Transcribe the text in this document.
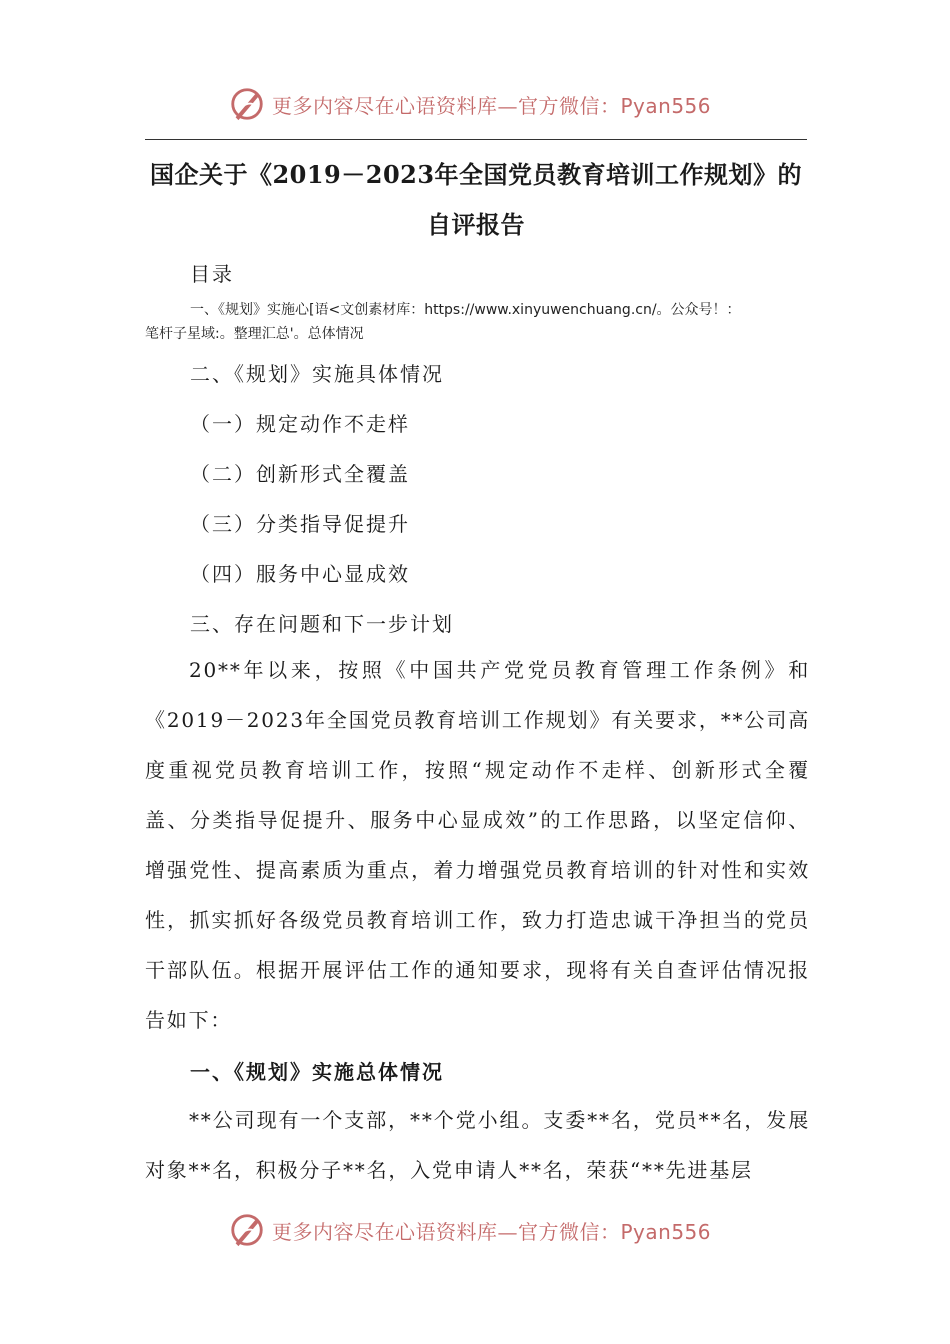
更多内容尽在心语资料库—官方微信：Pyan556
国企关于《2019－2023年全国党员教育培训工作规划》的
自评报告
目录
一、《规划》实施心[语<文创素材库：https://www.xinyuwenchuang.cn/。公众号！：
笔杆子星域:。整理汇总'。总体情况
二、《规划》实施具体情况
（一）规定动作不走样
（二）创新形式全覆盖
（三）分类指导促提升
（四）服务中心显成效
三、存在问题和下一步计划
20**年以来，按照《中国共产党党员教育管理工作条例》和《2019－2023年全国党员教育培训工作规划》有关要求，**公司高度重视党员教育培训工作，按照“规定动作不走样、创新形式全覆盖、分类指导促提升、服务中心显成效”的工作思路，以坚定信仰、增强党性、提高素质为重点，着力增强党员教育培训的针对性和实效性，抓实抓好各级党员教育培训工作，致力打造忠诚干净担当的党员干部队伍。根据开展评估工作的通知要求，现将有关自查评估情况报告如下：
一、《规划》实施总体情况
**公司现有一个支部，**个党小组。支委**名，党员**名，发展对象**名，积极分子**名，入党申请人**名，荣获“**先进基层
更多内容尽在心语资料库—官方微信：Pyan556
